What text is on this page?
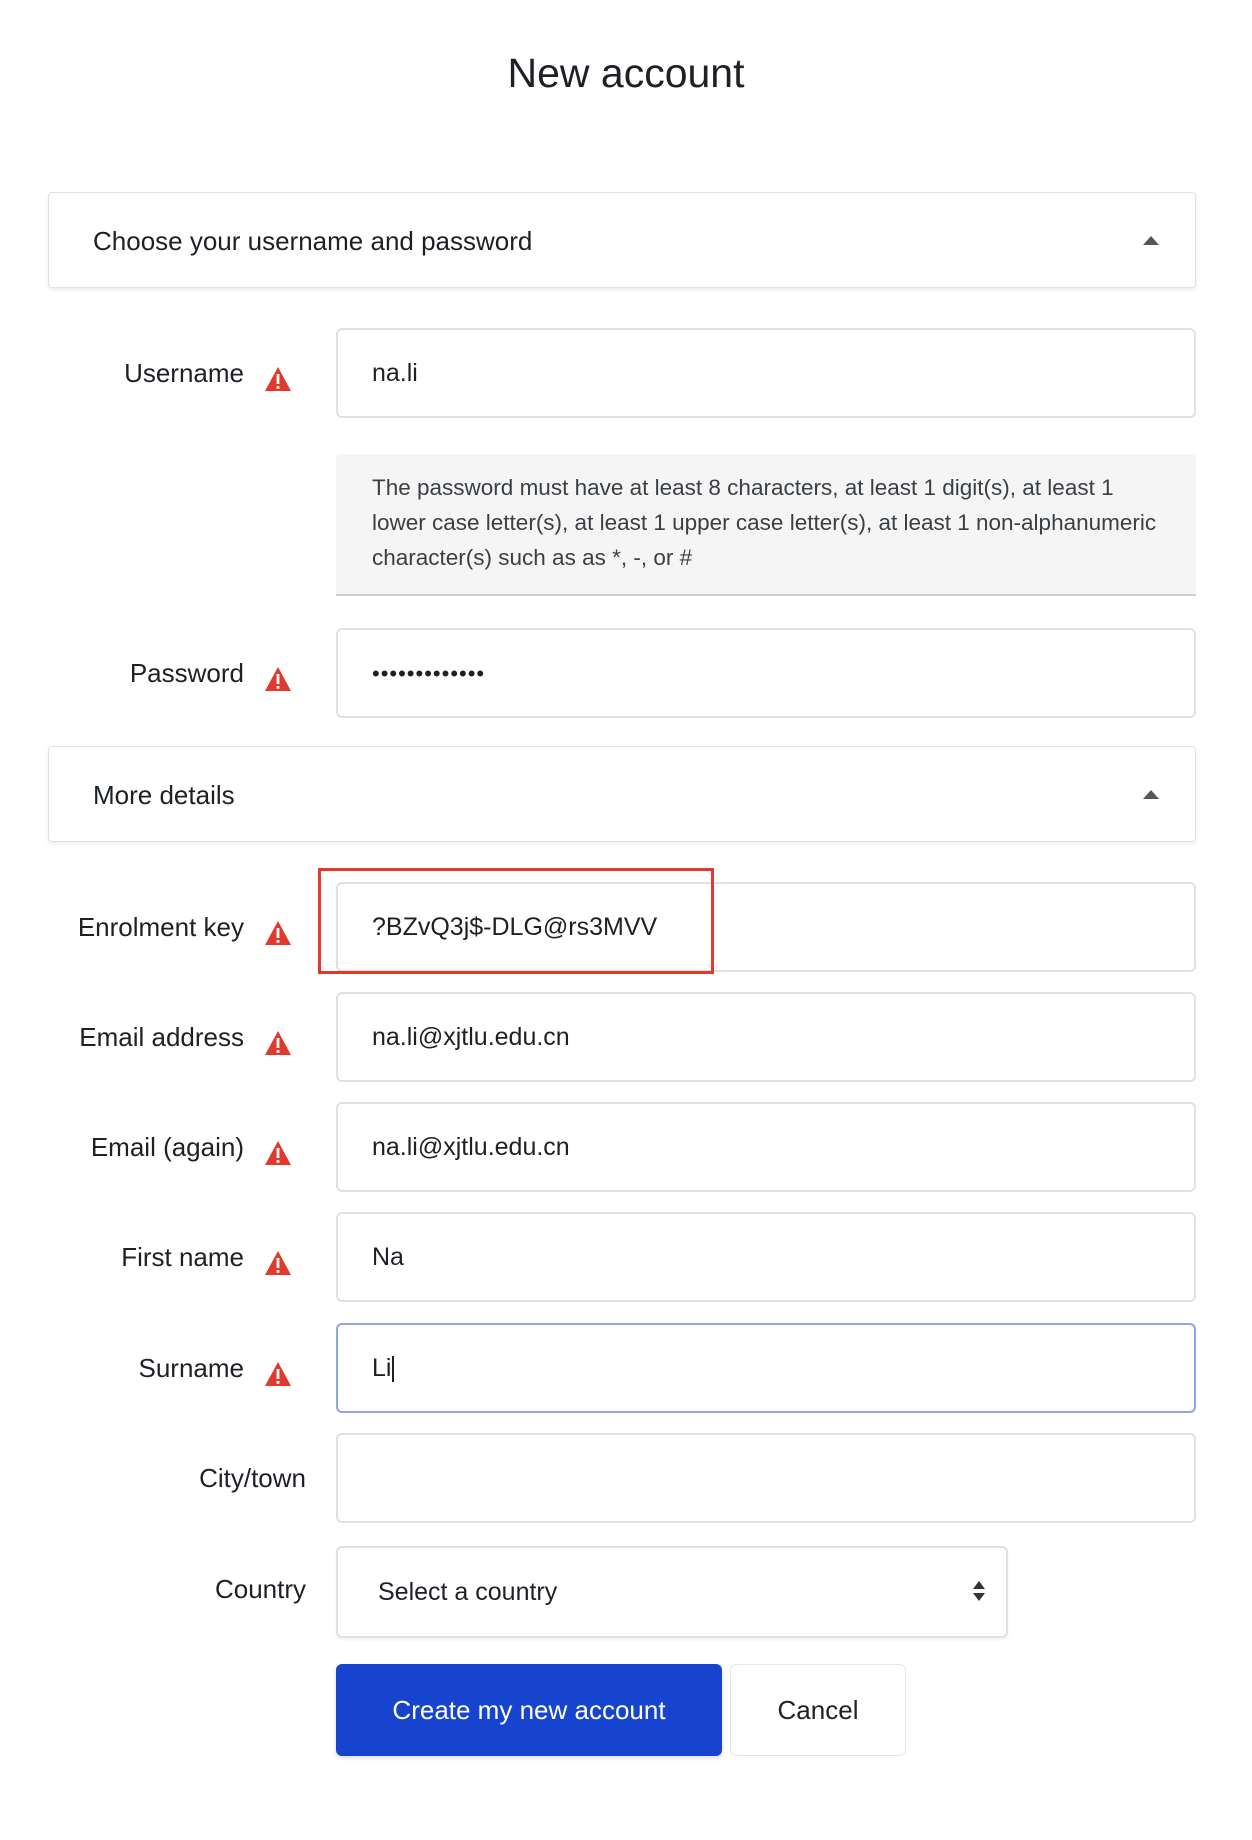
New account
Choose your username and password
Username	na.li
The password must have at least 8 characters, at least 1 digit(s), at least 1 lower case letter(s), at least 1 upper case letter(s), at least 1 non-alphanumeric character(s) such as as *, -, or #
Password	•••••••••••••
More details
Enrolment key	?BZvQ3j$-DLG@rs3MVV
Email address	na.li@xjtlu.edu.cn
Email (again)	na.li@xjtlu.edu.cn
First name	Na
Surname	Li
City/town
Country	Select a country
Create my new account	Cancel
